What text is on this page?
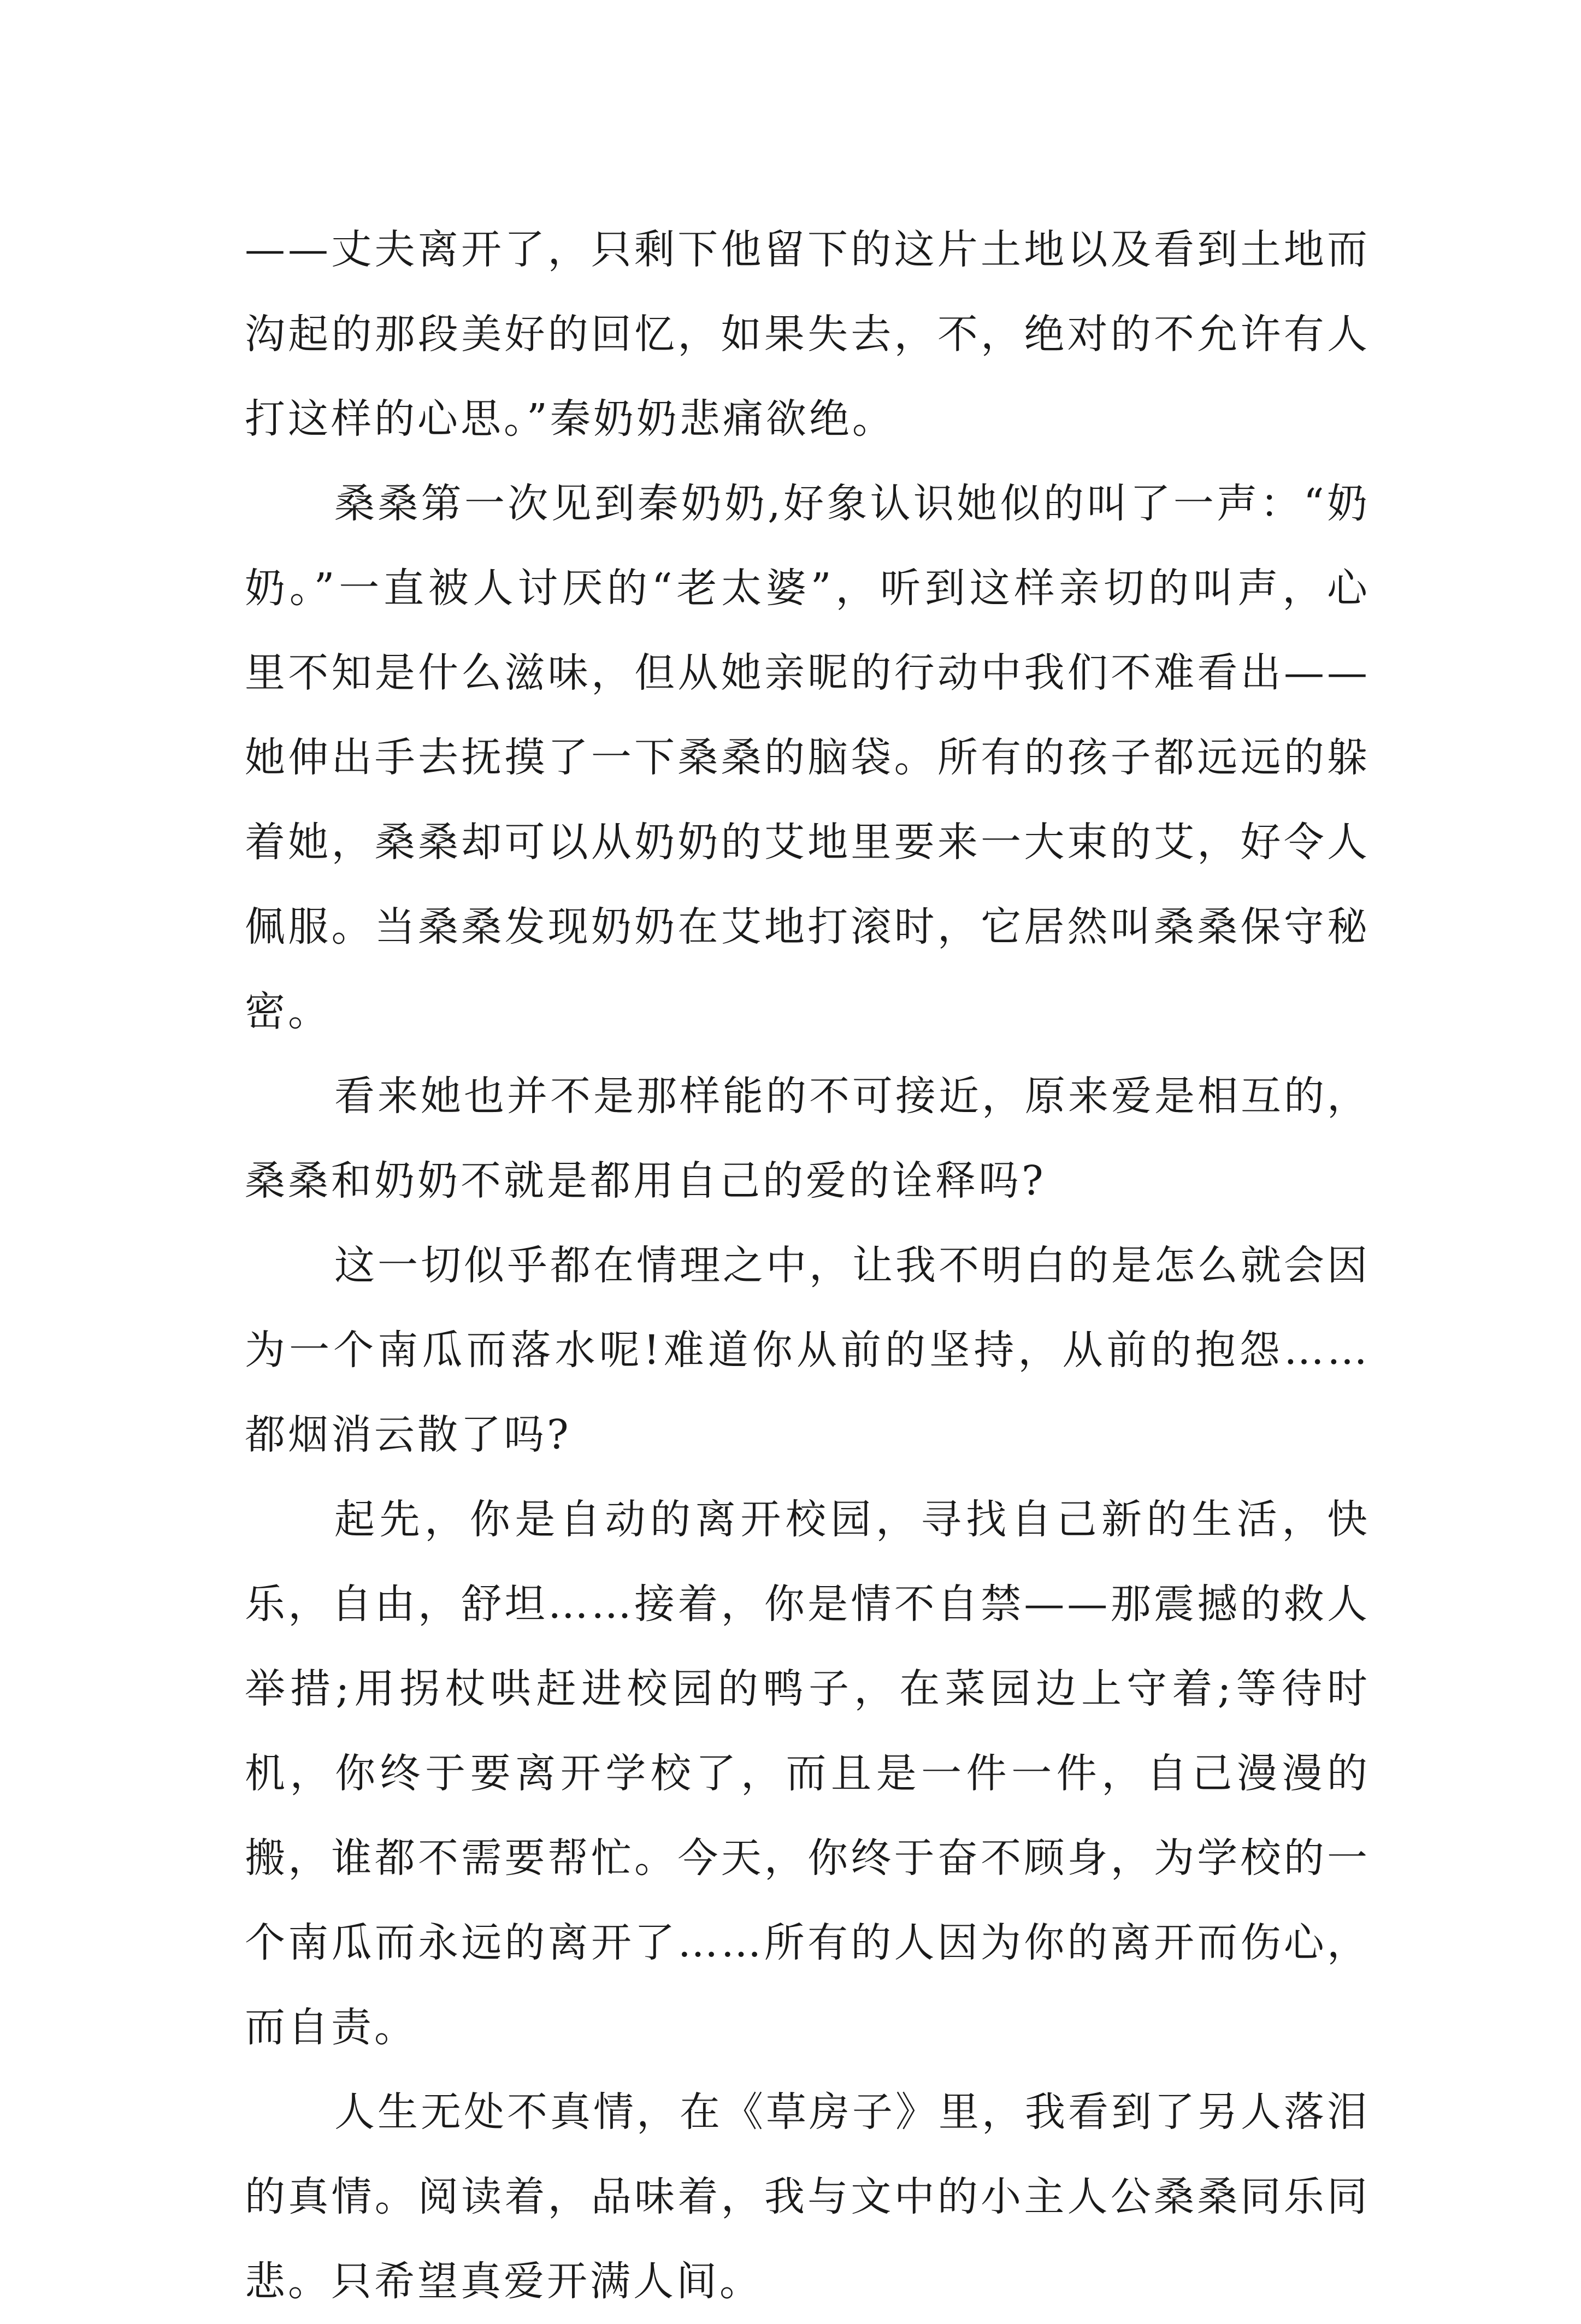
——丈夫离开了，只剩下他留下的这片土地以及看到土地而沟起的那段美好的回忆，如果失去，不，绝对的不允许有人打这样的心思。”秦奶奶悲痛欲绝。

桑桑第一次见到秦奶奶,好象认识她似的叫了一声：“奶奶。”一直被人讨厌的“老太婆”，听到这样亲切的叫声，心里不知是什么滋味，但从她亲昵的行动中我们不难看出——她伸出手去抚摸了一下桑桑的脑袋。所有的孩子都远远的躲着她，桑桑却可以从奶奶的艾地里要来一大束的艾，好令人佩服。当桑桑发现奶奶在艾地打滚时，它居然叫桑桑保守秘密。

看来她也并不是那样能的不可接近，原来爱是相互的，桑桑和奶奶不就是都用自己的爱的诠释吗?

这一切似乎都在情理之中，让我不明白的是怎么就会因为一个南瓜而落水呢!难道你从前的坚持，从前的抱怨……都烟消云散了吗?

起先，你是自动的离开校园，寻找自己新的生活，快乐，自由，舒坦……接着，你是情不自禁——那震撼的救人举措;用拐杖哄赶进校园的鸭子，在菜园边上守着;等待时机，你终于要离开学校了，而且是一件一件，自己漫漫的搬，谁都不需要帮忙。今天，你终于奋不顾身，为学校的一个南瓜而永远的离开了……所有的人因为你的离开而伤心，而自责。

人生无处不真情，在《草房子》里，我看到了另人落泪的真情。阅读着，品味着，我与文中的小主人公桑桑同乐同悲。只希望真爱开满人间。
